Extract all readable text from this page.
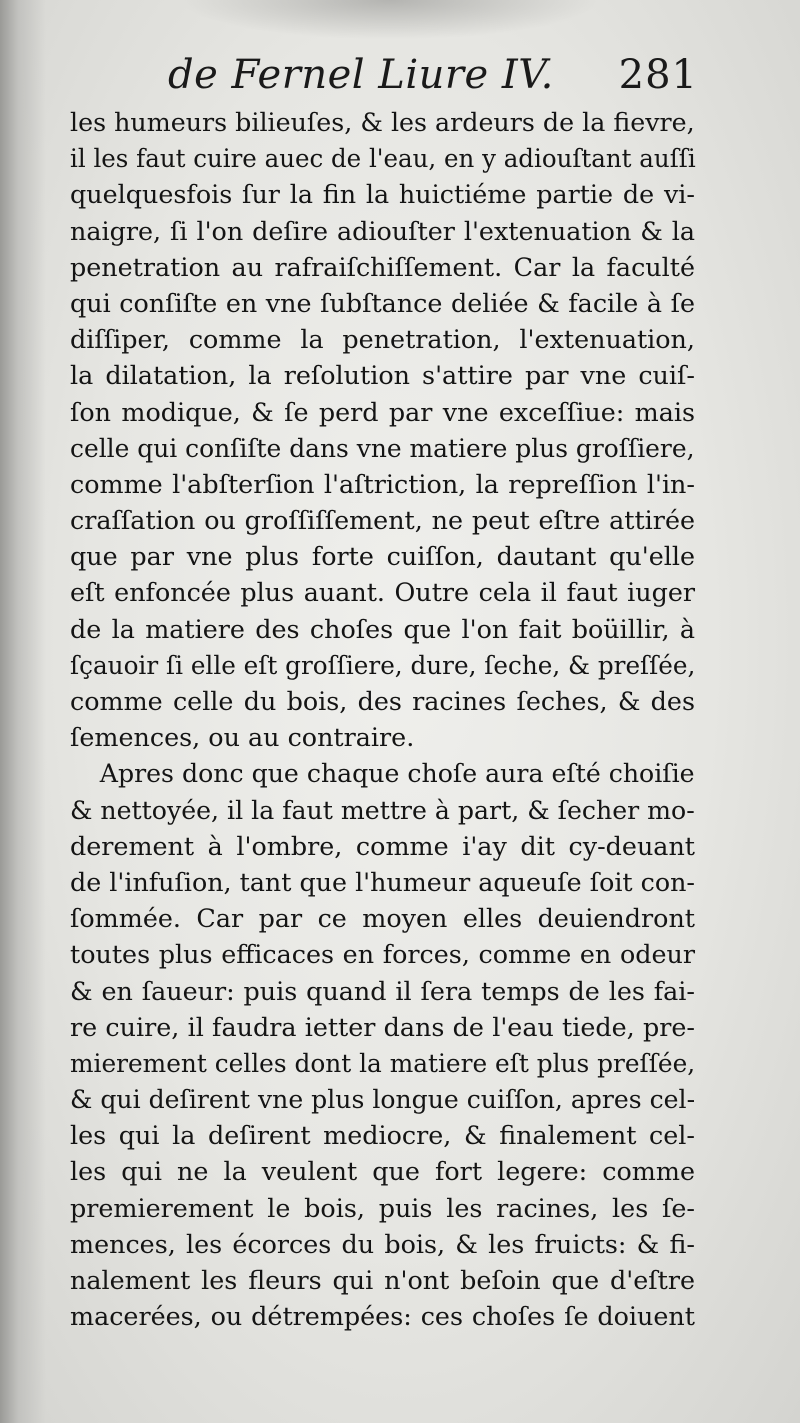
de Fernel Liure IV. 281
les humeurs bilieuſes, & les ardeurs de la fievre,
il les faut cuire auec de l'eau, en y adiouſtant auſſi
quelquesfois ſur la fin la huictiéme partie de vi-
naigre, ſi l'on deſire adiouſter l'extenuation & la
penetration au rafraiſchiſſement. Car la faculté
qui conſiſte en vne ſubſtance deliée & facile à ſe
diſſiper, comme la penetration, l'extenuation,
la dilatation, la reſolution s'attire par vne cuiſ-
ſon modique, & ſe perd par vne exceſſiue: mais
celle qui conſiſte dans vne matiere plus groſſiere,
comme l'abſterſion l'aſtriction, la repreſſion l'in-
craſſation ou groſſiſſement, ne peut eſtre attirée
que par vne plus forte cuiſſon, dautant qu'elle
eſt enfoncée plus auant. Outre cela il faut iuger
de la matiere des choſes que l'on fait boüillir, à
ſçauoir ſi elle eſt groſſiere, dure, ſeche, & preſſée,
comme celle du bois, des racines ſeches, & des
ſemences, ou au contraire.
Apres donc que chaque choſe aura eſté choiſie
& nettoyée, il la faut mettre à part, & ſecher mo-
derement à l'ombre, comme i'ay dit cy-deuant
de l'infuſion, tant que l'humeur aqueuſe ſoit con-
ſommée. Car par ce moyen elles deuiendront
toutes plus efficaces en forces, comme en odeur
& en ſaueur: puis quand il ſera temps de les fai-
re cuire, il faudra ietter dans de l'eau tiede, pre-
mierement celles dont la matiere eſt plus preſſée,
& qui deſirent vne plus longue cuiſſon, apres cel-
les qui la deſirent mediocre, & finalement cel-
les qui ne la veulent que fort legere: comme
premierement le bois, puis les racines, les ſe-
mences, les écorces du bois, & les fruicts: & fi-
nalement les fleurs qui n'ont beſoin que d'eſtre
macerées, ou détrempées: ces choſes ſe doiuent
